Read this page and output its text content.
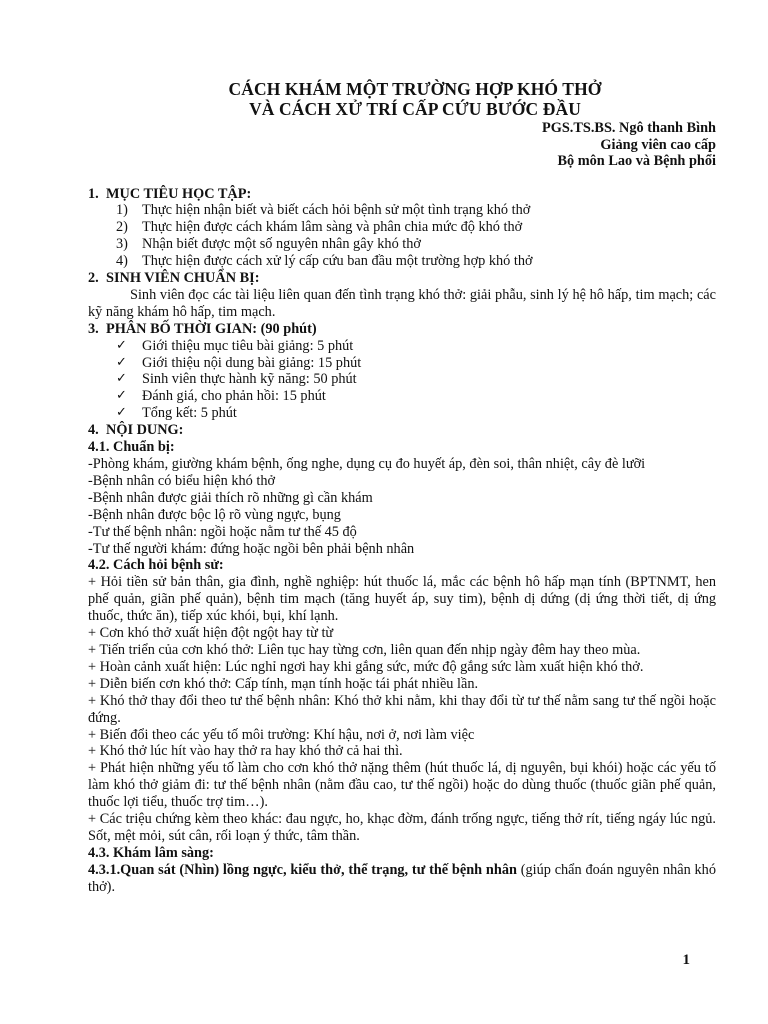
CÁCH KHÁM MỘT TRƯỜNG HỢP KHÓ THỞ
VÀ CÁCH XỬ TRÍ CẤP CỨU BƯỚC ĐẦU
PGS.TS.BS. Ngô thanh Bình
Giảng viên cao cấp
Bộ môn Lao và Bệnh phổi
1. MỤC TIÊU HỌC TẬP:
1) Thực hiện nhận biết và biết cách hỏi bệnh sử một tình trạng khó thở
2) Thực hiện được cách khám lâm sàng và phân chia mức độ khó thở
3) Nhận biết được một số nguyên nhân gây khó thở
4) Thực hiện được cách xử lý cấp cứu ban đầu một trường hợp khó thở
2. SINH VIÊN CHUẨN BỊ:
Sinh viên đọc các tài liệu liên quan đến tình trạng khó thở: giải phẫu, sinh lý hệ hô hấp, tim mạch; các kỹ năng khám hô hấp, tim mạch.
3. PHÂN BỐ THỜI GIAN: (90 phút)
✓	Giới thiệu mục tiêu bài giảng: 5 phút
✓	Giới thiệu nội dung bài giảng: 15 phút
✓	Sinh viên thực hành kỹ năng: 50 phút
✓	Đánh giá, cho phản hồi: 15 phút
✓	Tổng kết: 5 phút
4. NỘI DUNG:
4.1. Chuẩn bị:
-Phòng khám, giường khám bệnh, ống nghe, dụng cụ đo huyết áp, đèn soi, thân nhiệt, cây đè lưỡi
-Bệnh nhân có biểu hiện khó thở
-Bệnh nhân được giải thích rõ những gì cần khám
-Bệnh nhân được bộc lộ rõ vùng ngực, bụng
-Tư thế bệnh nhân: ngồi hoặc nằm tư thế 45 độ
-Tư thế người khám: đứng hoặc ngồi bên phải bệnh nhân
4.2. Cách hỏi bệnh sử:
+ Hỏi tiền sử bản thân, gia đình, nghề nghiệp: hút thuốc lá, mắc các bệnh hô hấp mạn tính (BPTNMT, hen phế quản, giãn phế quản), bệnh tim mạch (tăng huyết áp, suy tim), bệnh dị dứng (dị ứng thời tiết, dị ứng thuốc, thức ăn), tiếp xúc khói, bụi, khí lạnh.
+ Cơn khó thở xuất hiện đột ngột hay từ từ
+ Tiến triển của cơn khó thở: Liên tục hay từng cơn, liên quan đến nhịp ngày đêm hay theo mùa.
+ Hoàn cảnh xuất hiện: Lúc nghỉ ngơi hay khi gắng sức, mức độ gắng sức làm xuất hiện khó thở.
+ Diễn biến cơn khó thở: Cấp tính, mạn tính hoặc tái phát nhiều lần.
+ Khó thở thay đổi theo tư thế bệnh nhân: Khó thở khi nằm, khi thay đổi từ tư thế nằm sang tư thế ngồi hoặc đứng.
+ Biến đổi theo các yếu tố môi trường: Khí hậu, nơi ở, nơi làm việc
+ Khó thở lúc hít vào hay thở ra hay khó thở cả hai thì.
+ Phát hiện những yếu tố làm cho cơn khó thở nặng thêm (hút thuốc lá, dị nguyên, bụi khói) hoặc các yếu tố làm khó thở giảm đi: tư thế bệnh nhân (nằm đầu cao, tư thế ngồi) hoặc do dùng thuốc (thuốc giãn phế quản, thuốc lợi tiểu, thuốc trợ tim…).
+ Các triệu chứng kèm theo khác: đau ngực, ho, khạc đờm, đánh trống ngực, tiếng thở rít, tiếng ngáy lúc ngủ. Sốt, mệt mỏi, sút cân, rối loạn ý thức, tâm thần.
4.3. Khám lâm sàng:
4.3.1.Quan sát (Nhìn) lồng ngực, kiểu thở, thể trạng, tư thế bệnh nhân (giúp chẩn đoán nguyên nhân khó thở).
1
